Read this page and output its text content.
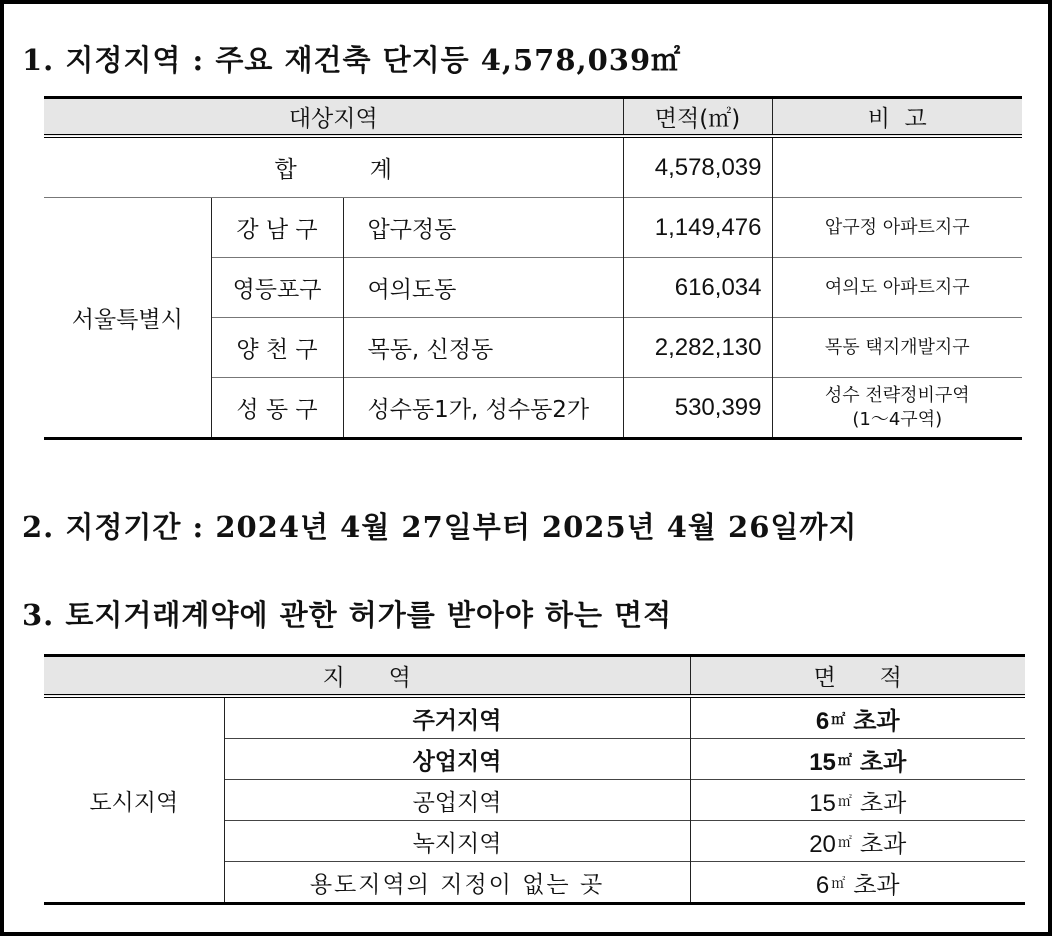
1. 지정지역 : 주요 재건축 단지등 4,578,039㎡
대상지역			면적(㎡)	비  고
합          계			4,578,039	
서울특별시	강 남 구	압구정동	1,149,476	압구정 아파트지구
	영등포구	여의도동	616,034	여의도 아파트지구
	양 천 구	목동, 신정동	2,282,130	목동 택지개발지구
	성 동 구	성수동1가, 성수동2가	530,399	성수 전략정비구역
(1～4구역)
2. 지정기간 : 2024년 4월 27일부터 2025년 4월 26일까지
3. 토지거래계약에 관한 허가를 받아야 하는 면적
지      역		면      적
도시지역	주거지역	6 ㎡ 초과
	상업지역	15 ㎡ 초과
	공업지역	15 ㎡ 초과
	녹지지역	20 ㎡ 초과
	용도지역의 지정이 없는 곳	6 ㎡ 초과
